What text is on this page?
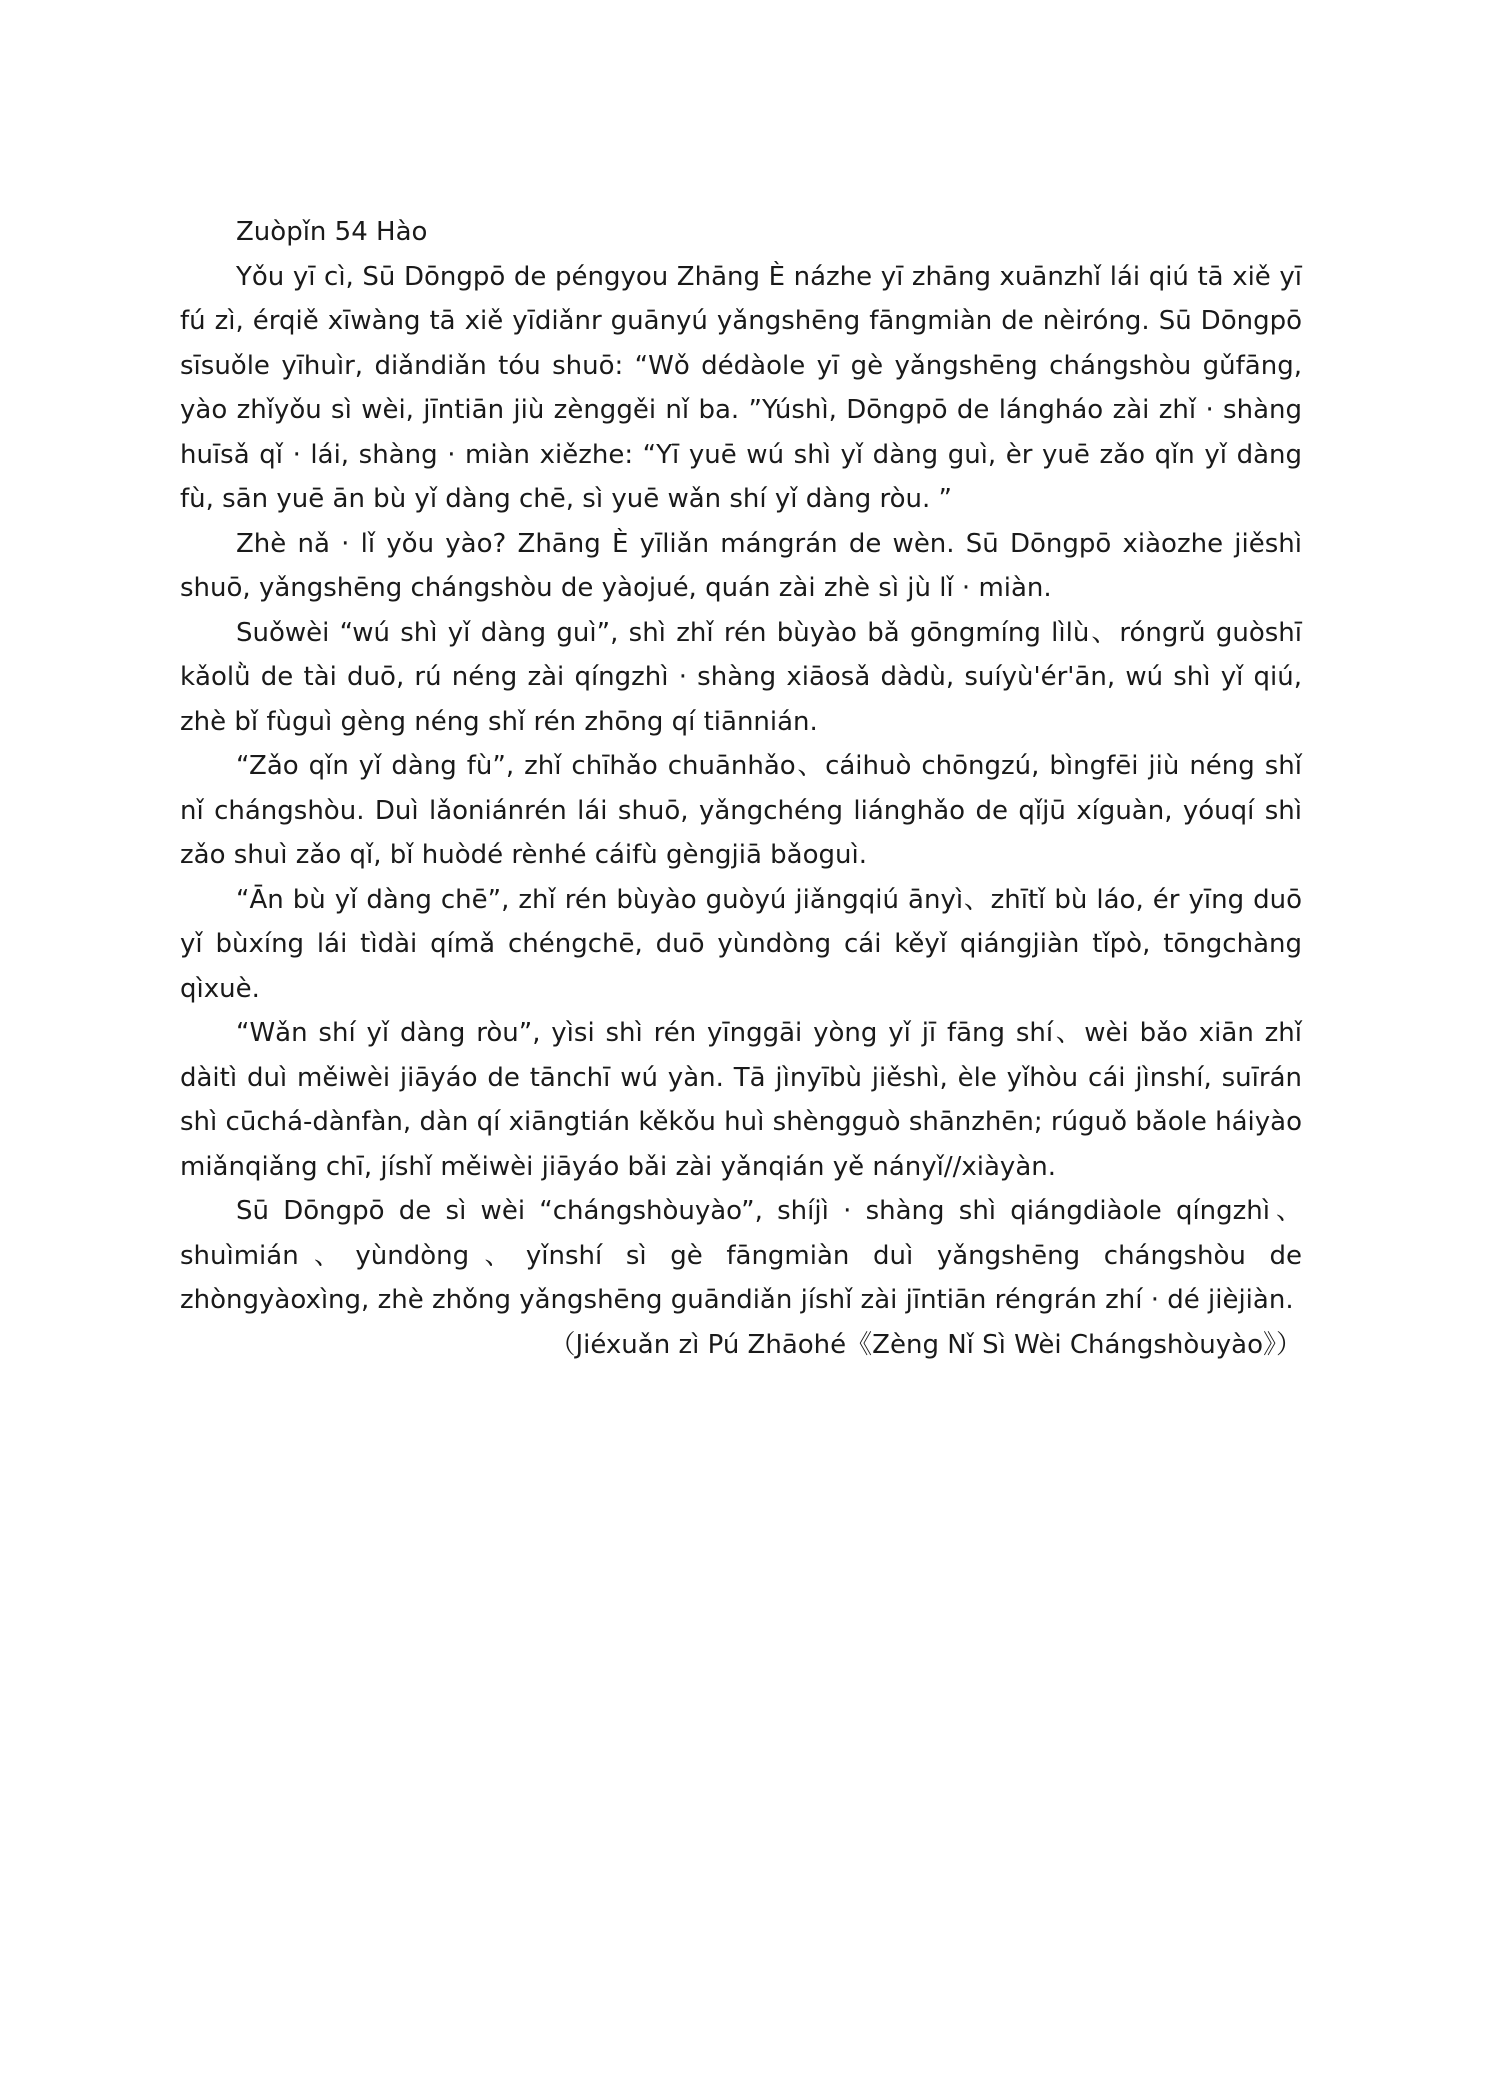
Zuòpǐn 54 Hào

Yǒu yī cì, Sū Dōngpō de péngyou Zhāng È názhe yī zhāng xuānzhǐ lái qiú tā xiě yī fú zì, érqiě xīwàng tā xiě yīdiǎnr guānyú yǎngshēng fāngmiàn de nèiróng. Sū Dōngpō sīsuǒle yīhuìr, diǎndiǎn tóu shuō: “Wǒ dédàole yī gè yǎngshēng chángshòu gǔfāng, yào zhǐyǒu sì wèi, jīntiān jiù zènggěi nǐ ba. ”Yúshì, Dōngpō de lángháo zài zhǐ · shàng huīsǎ qǐ · lái, shàng · miàn xiězhe: “Yī yuē wú shì yǐ dàng guì, èr yuē zǎo qǐn yǐ dàng fù, sān yuē ān bù yǐ dàng chē, sì yuē wǎn shí yǐ dàng ròu. ”

Zhè nǎ · lǐ yǒu yào? Zhāng È yīliǎn mángrán de wèn. Sū Dōngpō xiàozhe jiěshì shuō, yǎngshēng chángshòu de yàojué, quán zài zhè sì jù lǐ · miàn.

Suǒwèi “wú shì yǐ dàng guì”, shì zhǐ rén bùyào bǎ gōngmíng lìlù、róngrǔ guòshī kǎolǜ de tài duō, rú néng zài qíngzhì · shàng xiāosǎ dàdù, suíyù'ér'ān, wú shì yǐ qiú, zhè bǐ fùguì gèng néng shǐ rén zhōng qí tiānnián.

“Zǎo qǐn yǐ dàng fù”, zhǐ chīhǎo chuānhǎo、cáihuò chōngzú, bìngfēi jiù néng shǐ nǐ chángshòu. Duì lǎoniánrén lái shuō, yǎngchéng liánghǎo de qǐjū xíguàn, yóuqí shì zǎo shuì zǎo qǐ, bǐ huòdé rènhé cáifù gèngjiā bǎoguì.

“Ān bù yǐ dàng chē”, zhǐ rén bùyào guòyú jiǎngqiú ānyì、zhītǐ bù láo, ér yīng duō yǐ bùxíng lái tìdài qímǎ chéngchē, duō yùndòng cái kěyǐ qiángjiàn tǐpò, tōngchàng qìxuè.

“Wǎn shí yǐ dàng ròu”, yìsi shì rén yīnggāi yòng yǐ jī fāng shí、wèi bǎo xiān zhǐ dàitì duì měiwèi jiāyáo de tānchī wú yàn. Tā jìnyībù jiěshì, èle yǐhòu cái jìnshí, suīrán shì cūchá-dànfàn, dàn qí xiāngtián kěkǒu huì shèngguò shānzhēn; rúguǒ bǎole háiyào miǎnqiǎng chī, jíshǐ měiwèi jiāyáo bǎi zài yǎnqián yě nányǐ//xiàyàn.

Sū Dōngpō de sì wèi “chángshòuyào”, shíjì · shàng shì qiángdiàole qíngzhì、shuìmián、yùndòng、yǐnshí sì gè fāngmiàn duì yǎngshēng chángshòu de zhòngyàoxìng, zhè zhǒng yǎngshēng guāndiǎn jíshǐ zài jīntiān réngrán zhí · dé jièjiàn.

（Jiéxuǎn zì Pú Zhāohé《Zèng Nǐ Sì Wèi Chángshòuyào》）
